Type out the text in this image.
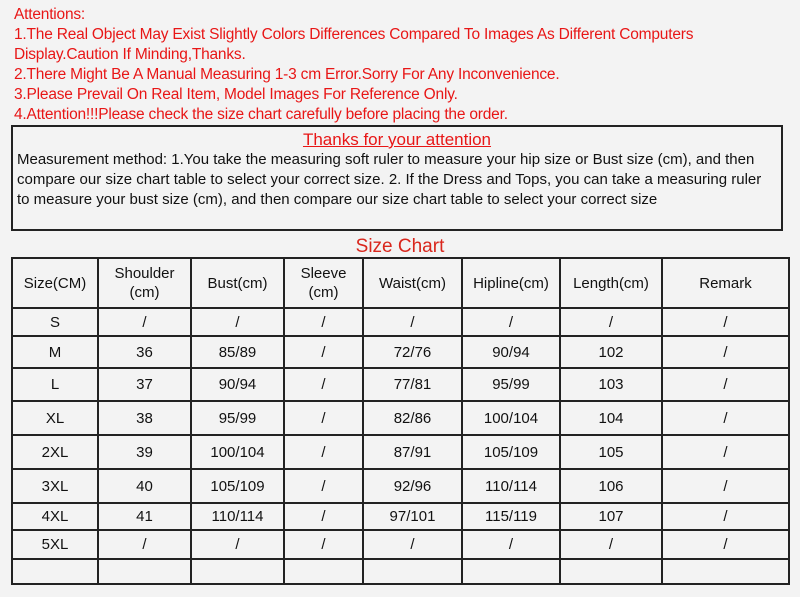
Attentions:
1.The Real Object May Exist Slightly Colors Differences Compared To Images As Different Computers
Display.Caution If Minding,Thanks.
2.There Might Be A Manual Measuring 1-3 cm Error.Sorry For Any Inconvenience.
3.Please Prevail On Real Item, Model Images For Reference Only.
4.Attention!!!Please check the size chart carefully before placing the order.
Thanks for your attention
Measurement method: 1.You take the measuring soft ruler to measure your hip size or Bust size (cm), and then compare our size chart table to select your correct size. 2. If the Dress and Tops, you can take a measuring ruler to measure your bust size (cm), and then compare our size chart table to select your correct size
Size Chart
Size(CM)	Shoulder (cm)	Bust(cm)	Sleeve (cm)	Waist(cm)	Hipline(cm)	Length(cm)	Remark
S	/	/	/	/	/	/	/
M	36	85/89	/	72/76	90/94	102	/
L	37	90/94	/	77/81	95/99	103	/
XL	38	95/99	/	82/86	100/104	104	/
2XL	39	100/104	/	87/91	105/109	105	/
3XL	40	105/109	/	92/96	110/114	106	/
4XL	41	110/114	/	97/101	115/119	107	/
5XL	/	/	/	/	/	/	/
